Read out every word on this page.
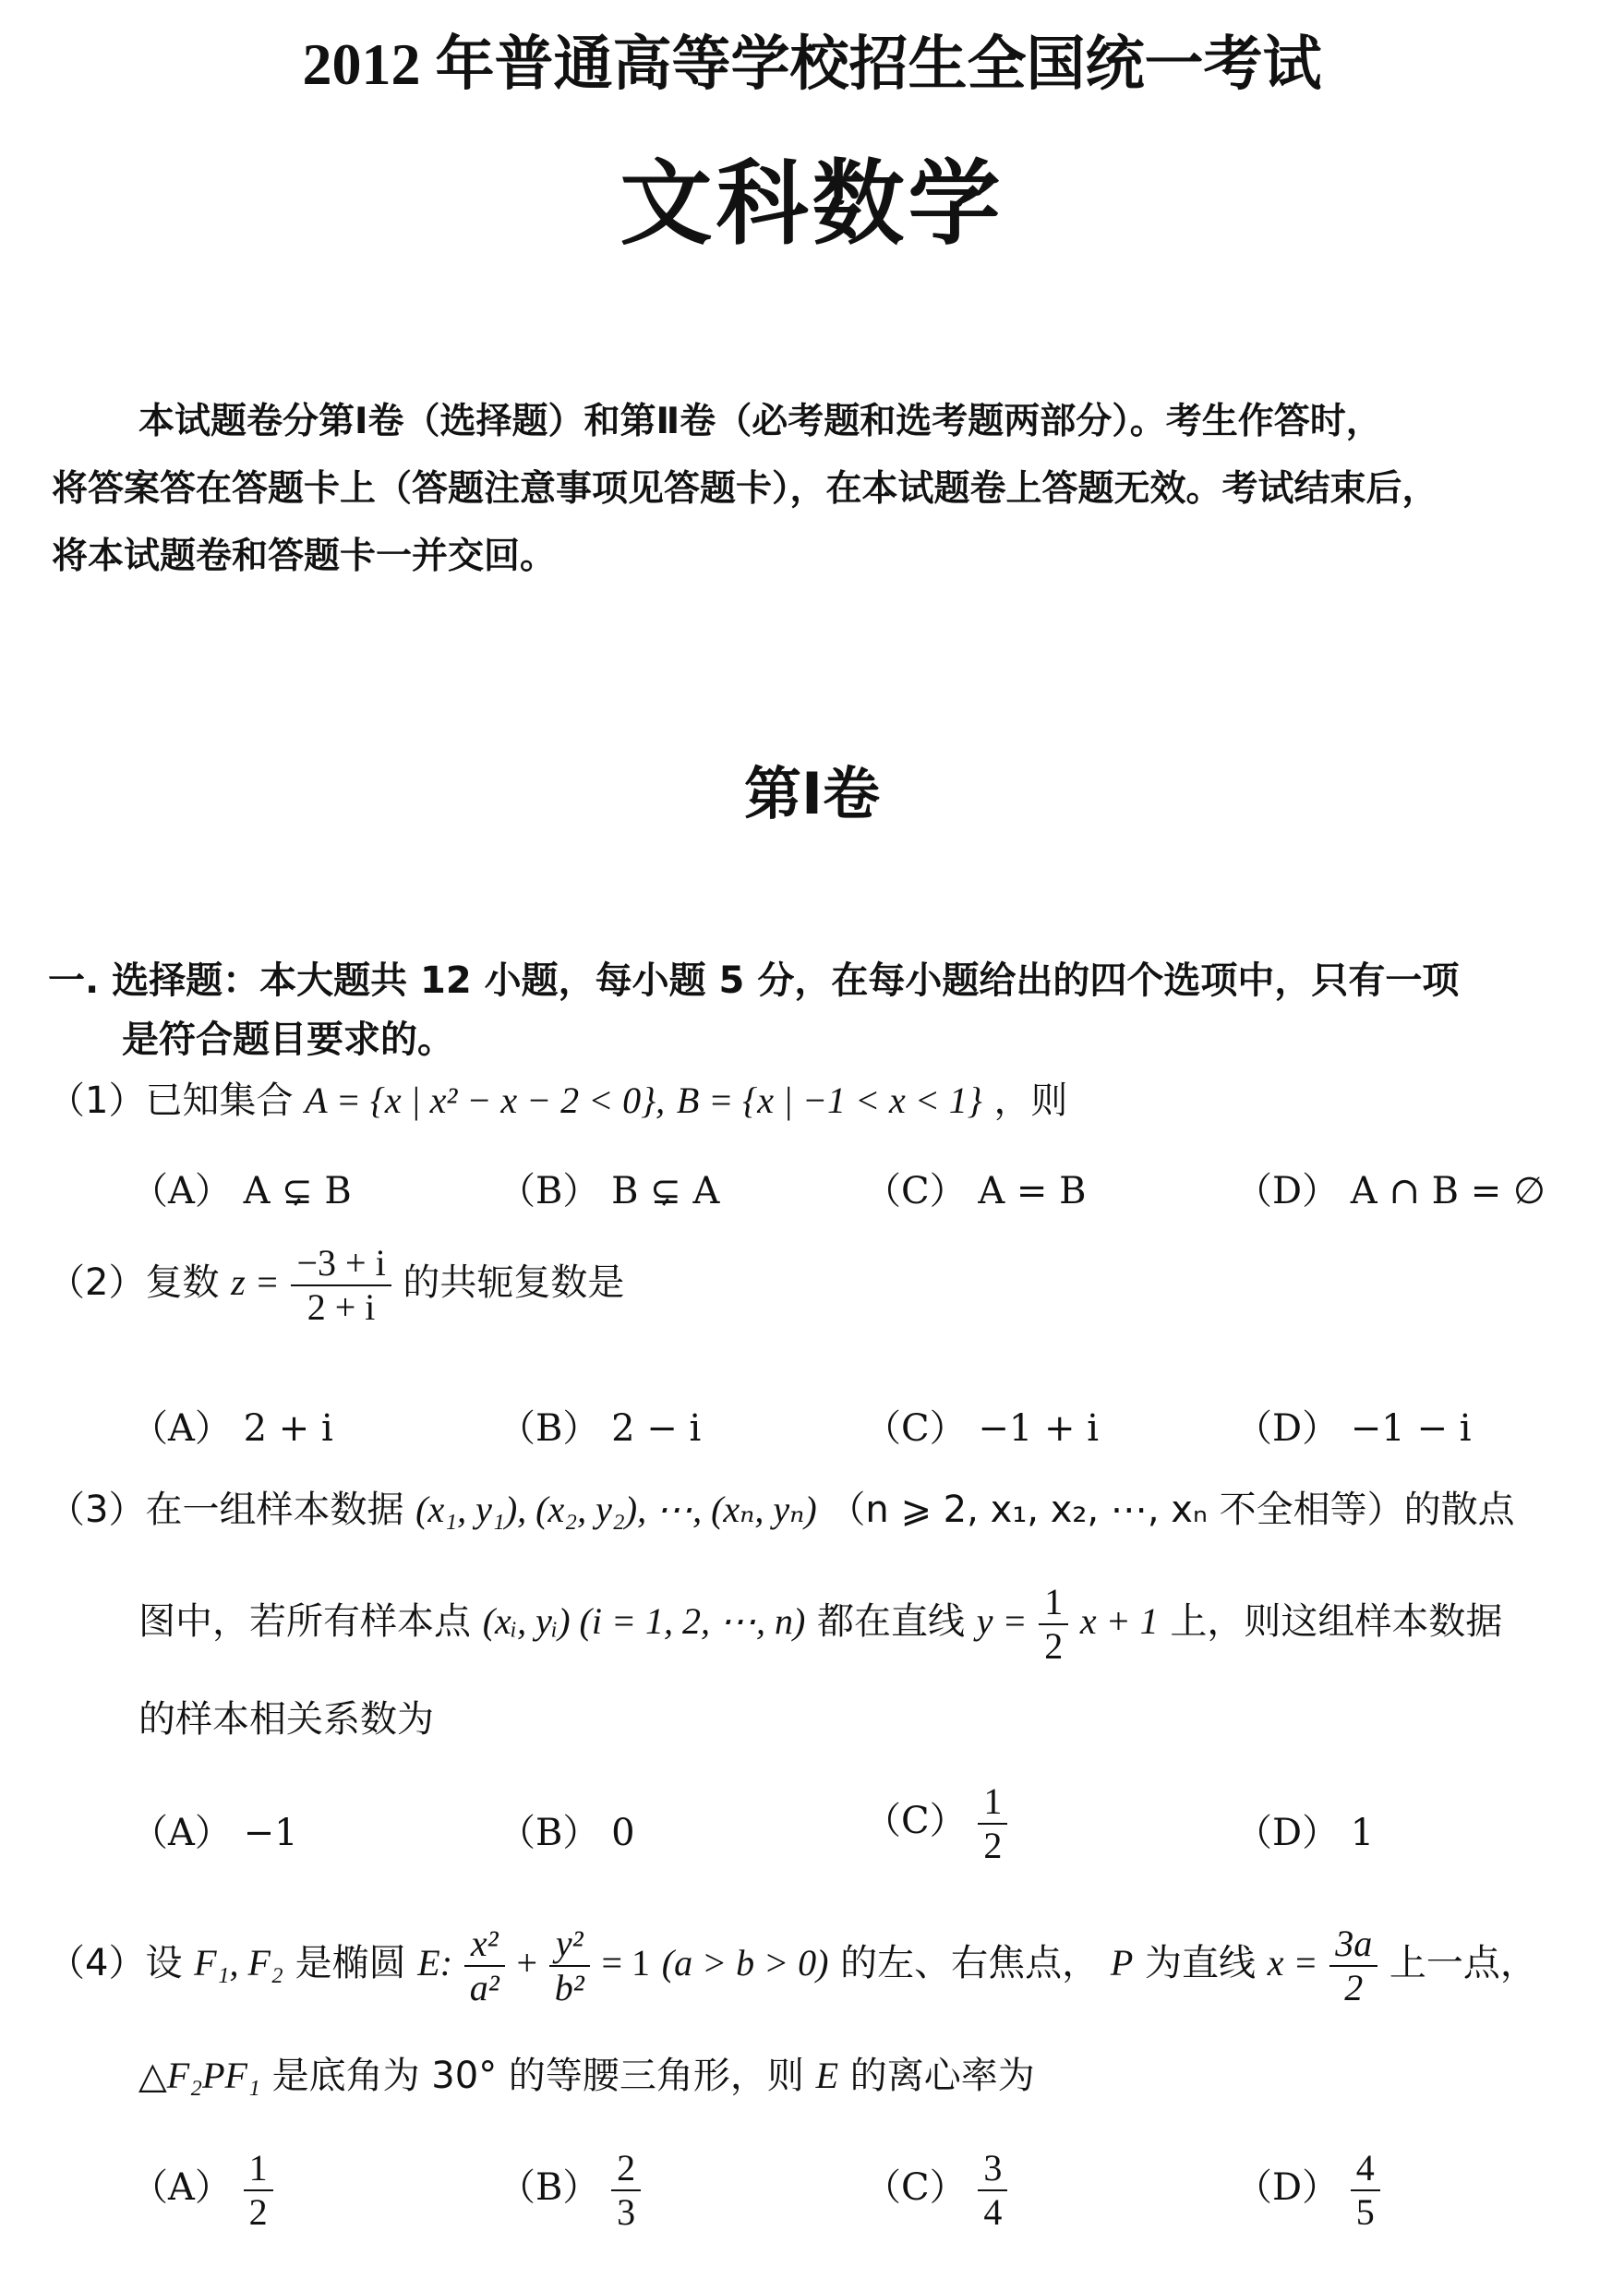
2012 年普通高等学校招生全国统一考试
文科数学
本试题卷分第Ⅰ卷（选择题）和第Ⅱ卷（必考题和选考题两部分）。考生作答时，
将答案答在答题卡上（答题注意事项见答题卡），在本试题卷上答题无效。考试结束后，
将本试题卷和答题卡一并交回。
第Ⅰ卷
一. 选择题：本大题共 12 小题，每小题 5 分，在每小题给出的四个选项中，只有一项
是符合题目要求的。
（1）已知集合 A = {x | x² − x − 2 < 0}, B = {x | −1 < x < 1} ，则
（A） A ⊊ B	（B） B ⊊ A	（C） A = B	（D） A ∩ B = ∅
（2）复数 $z = \frac{-3 + i}{2 + i}$ 的共轭复数是
（A） 2 + i	（B） 2 − i	（C） −1 + i	（D） −1 − i
（3）在一组样本数据 (x₁, y₁), (x₂, y₂), ⋯, (xₙ, yₙ) （n ⩾ 2, x₁, x₂, ⋯, xₙ 不全相等）的散点
图中，若所有样本点 (xᵢ, yᵢ) (i = 1, 2, ⋯, n) 都在直线 $y = \frac{1}{2}$ x + 1 上，则这组样本数据
的样本相关系数为
（A） −1	（B） 0	$(C) \frac{1}{2}$	（D） 1
（4）设 F₁, F₂ 是椭圆 E: $\frac{\text{x²}}{\text{a²}} + \frac{\text{y²}}{\text{b²}} = 1$ (a > b > 0) 的左、右焦点， P 为直线 $x = \frac{3a}{2}$ 上一点，
△F₂PF₁ 是底角为 30° 的等腰三角形，则 E 的离心率为
$(A) \frac{1}{2}$	$(B) \frac{2}{3}$	$(C) \frac{3}{4}$	$(D) \frac{4}{5}$
